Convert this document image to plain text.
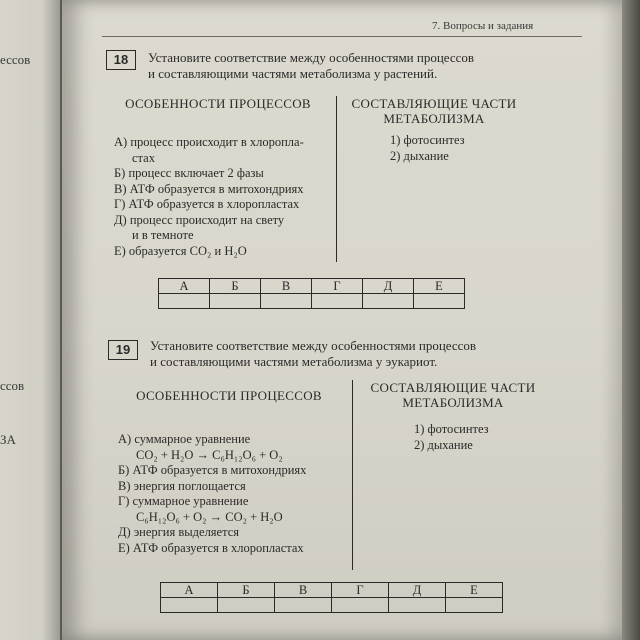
ессов
ссов
ЗА
7. Вопросы и задания
18	Установите соответствие между особенностями процессов
и составляющими частями метаболизма у растений.
ОСОБЕННОСТИ ПРОЦЕССОВ	СОСТАВЛЯЮЩИЕ ЧАСТИ
МЕТАБОЛИЗМА
А) процесс происходит в хлоропла-
стах
Б) процесс включает 2 фазы
В) АТФ образуется в митохондриях
Г) АТФ образуется в хлоропластах
Д) процесс происходит на свету
и в темноте
Е) образуется CO₂ и H₂O
1) фотосинтез
2) дыхание
А	Б	В	Г	Д	Е

19	Установите соответствие между особенностями процессов
и составляющими частями метаболизма у эукариот.
ОСОБЕННОСТИ ПРОЦЕССОВ
СОСТАВЛЯЮЩИЕ ЧАСТИ
МЕТАБОЛИЗМА
А) суммарное уравнение
CO₂ + H₂O → C₆H₁₂O₆ + O₂
Б) АТФ образуется в митохондриях
В) энергия поглощается
Г) суммарное уравнение
C₆H₁₂O₆ + O₂ → CO₂ + H₂O
Д) энергия выделяется
Е) АТФ образуется в хлоропластах
1) фотосинтез
2) дыхание
А	Б	В	Г	Д	Е
